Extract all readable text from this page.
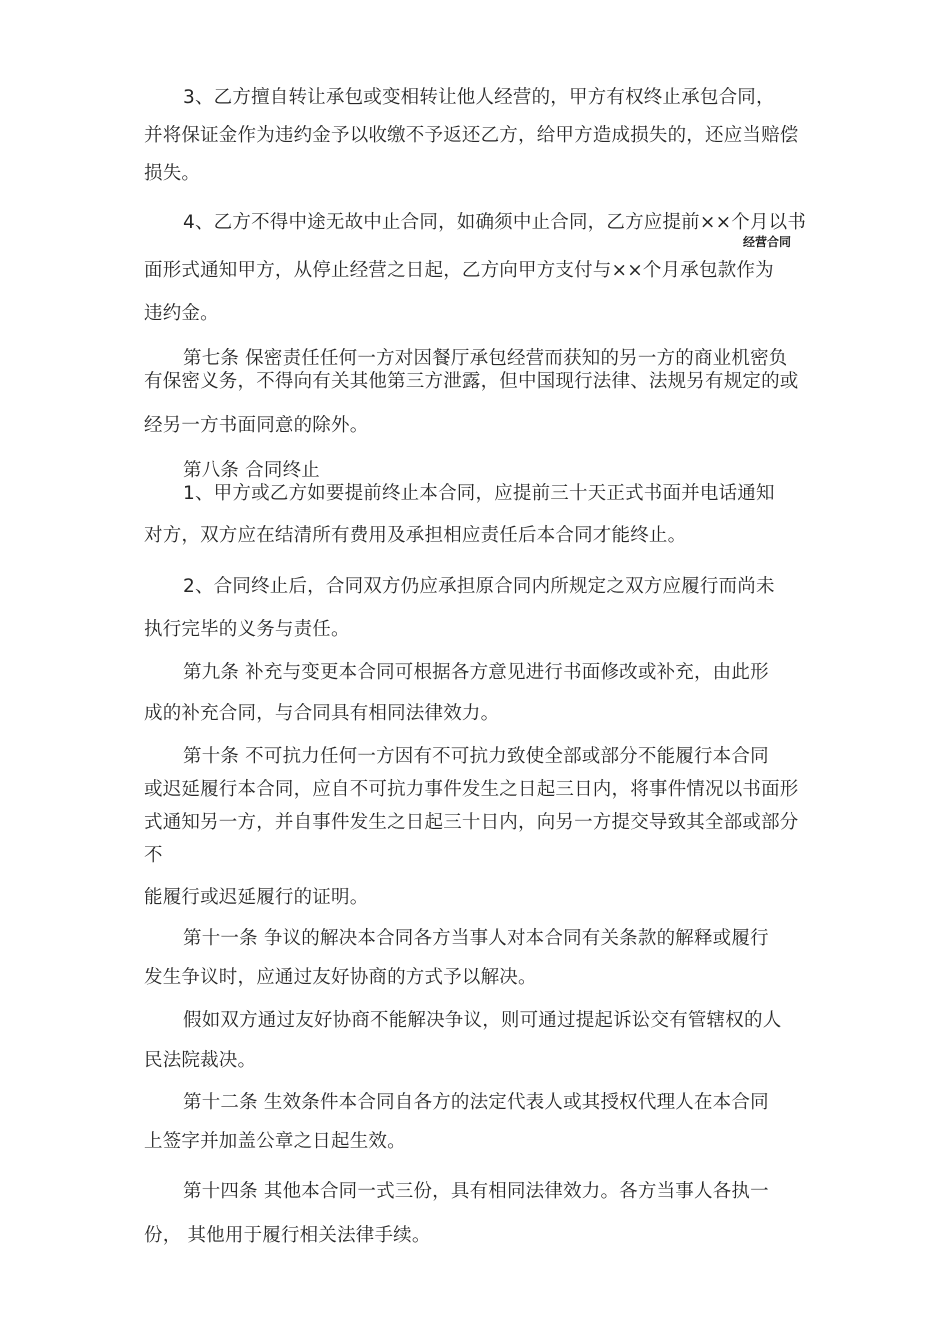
经营合同
3、乙方擅自转让承包或变相转让他人经营的，甲方有权终止承包合同，
并将保证金作为违约金予以收缴不予返还乙方，给甲方造成损失的，还应当赔偿
损失。
4、乙方不得中途无故中止合同，如确须中止合同，乙方应提前××个月以书
面形式通知甲方，从停止经营之日起，乙方向甲方支付与××个月承包款作为
违约金。
第七条 保密责任任何一方对因餐厅承包经营而获知的另一方的商业机密负
有保密义务，不得向有关其他第三方泄露，但中国现行法律、法规另有规定的或
经另一方书面同意的除外。
第八条 合同终止
1、甲方或乙方如要提前终止本合同，应提前三十天正式书面并电话通知
对方，双方应在结清所有费用及承担相应责任后本合同才能终止。
2、合同终止后，合同双方仍应承担原合同内所规定之双方应履行而尚未
执行完毕的义务与责任。
第九条 补充与变更本合同可根据各方意见进行书面修改或补充，由此形
成的补充合同，与合同具有相同法律效力。
第十条 不可抗力任何一方因有不可抗力致使全部或部分不能履行本合同
或迟延履行本合同，应自不可抗力事件发生之日起三日内，将事件情况以书面形
式通知另一方，并自事件发生之日起三十日内，向另一方提交导致其全部或部分
不
能履行或迟延履行的证明。
第十一条 争议的解决本合同各方当事人对本合同有关条款的解释或履行
发生争议时，应通过友好协商的方式予以解决。
假如双方通过友好协商不能解决争议，则可通过提起诉讼交有管辖权的人
民法院裁决。
第十二条 生效条件本合同自各方的法定代表人或其授权代理人在本合同
上签字并加盖公章之日起生效。
第十四条 其他本合同一式三份，具有相同法律效力。各方当事人各执一
份， 其他用于履行相关法律手续。
